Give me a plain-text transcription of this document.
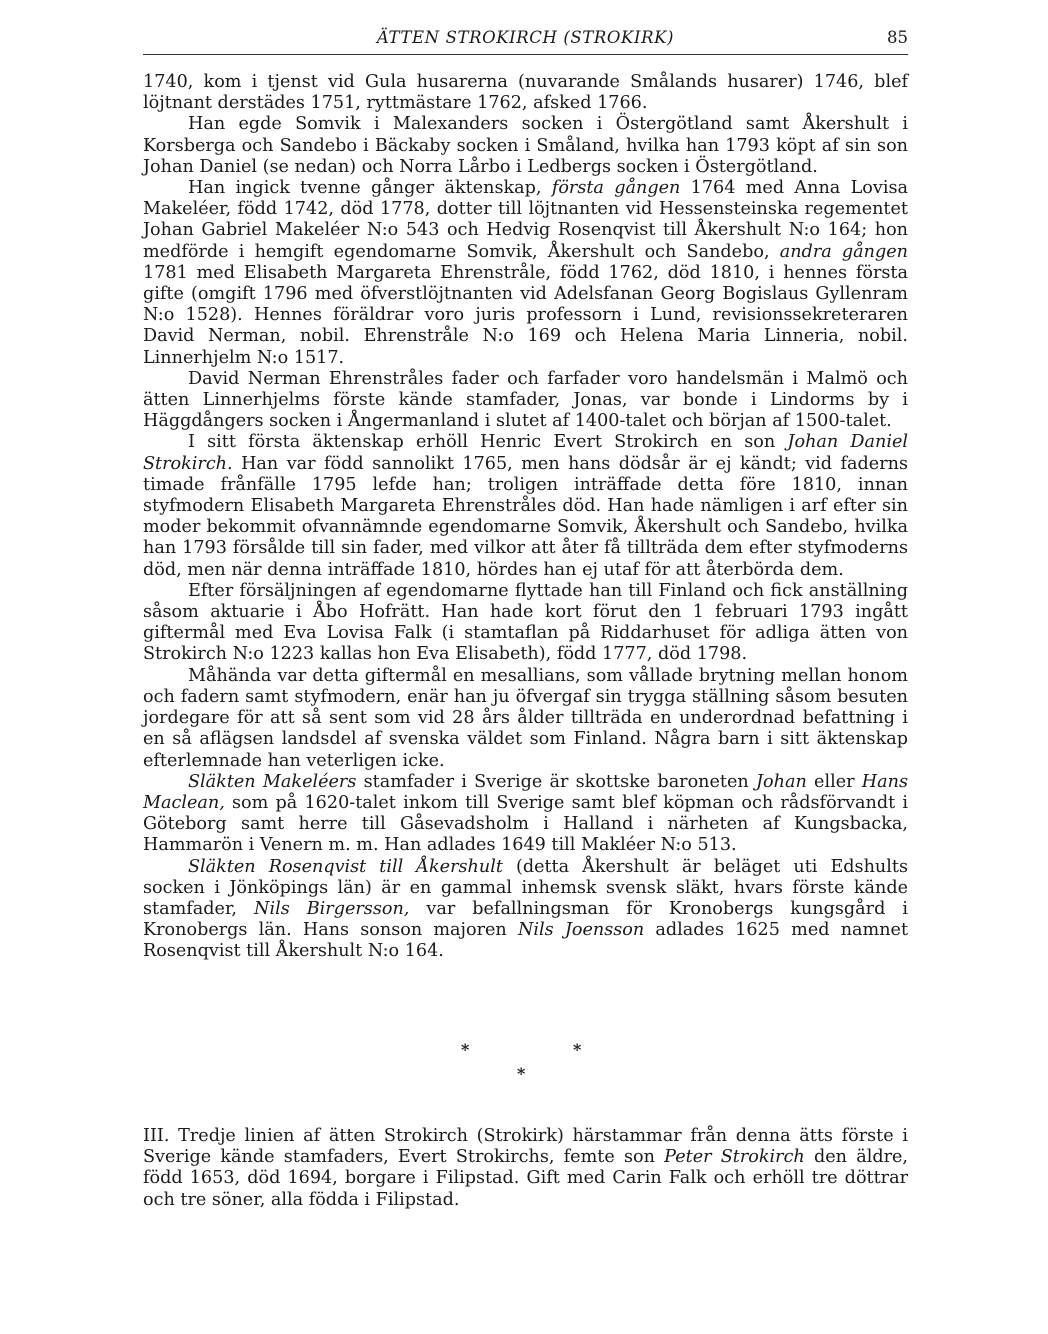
ÄTTEN STROKIRCH (STROKIRK)	85

1740, kom i tjenst vid Gula husarerna (nuvarande Smålands husarer) 1746, blef löjtnant derstädes 1751, ryttmästare 1762, afsked 1766.

Han egde Somvik i Malexanders socken i Östergötland samt Åkershult i Korsberga och Sandebo i Bäckaby socken i Småland, hvilka han 1793 köpt af sin son Johan Daniel (se nedan) och Norra Lårbo i Ledbergs socken i Östergötland.

Han ingick tvenne gånger äktenskap, första gången 1764 med Anna Lovisa Makeléer, född 1742, död 1778, dotter till löjtnanten vid Hessensteinska regementet Johan Gabriel Makeléer N:o 543 och Hedvig Rosenqvist till Åkershult N:o 164; hon medförde i hemgift egendomarne Somvik, Åkershult och Sandebo, andra gången 1781 med Elisabeth Margareta Ehrenstråle, född 1762, död 1810, i hennes första gifte (omgift 1796 med öfverstlöjtnanten vid Adelsfanan Georg Bogislaus Gyllenram N:o 1528). Hennes föräldrar voro juris professorn i Lund, revisionssekreteraren David Nerman, nobil. Ehrenstråle N:o 169 och Helena Maria Linneria, nobil. Linnerhjelm N:o 1517.

David Nerman Ehrenstråles fader och farfader voro handelsmän i Malmö och ätten Linnerhjelms förste kände stamfader, Jonas, var bonde i Lindorms by i Häggdångers socken i Ångermanland i slutet af 1400-talet och början af 1500-talet.

I sitt första äktenskap erhöll Henric Evert Strokirch en son Johan Daniel Strokirch. Han var född sannolikt 1765, men hans dödsår är ej kändt; vid faderns timade frånfälle 1795 lefde han; troligen inträffade detta före 1810, innan styfmodern Elisabeth Margareta Ehrenstråles död. Han hade nämligen i arf efter sin moder bekommit ofvannämnde egendomarne Somvik, Åkershult och Sandebo, hvilka han 1793 försålde till sin fader, med vilkor att åter få tillträda dem efter styfmoderns död, men när denna inträffade 1810, hördes han ej utaf för att återbörda dem.

Efter försäljningen af egendomarne flyttade han till Finland och fick anställning såsom aktuarie i Åbo Hofrätt. Han hade kort förut den 1 februari 1793 ingått giftermål med Eva Lovisa Falk (i stamtaflan på Riddarhuset för adliga ätten von Strokirch N:o 1223 kallas hon Eva Elisabeth), född 1777, död 1798.

Måhända var detta giftermål en mesallians, som vållade brytning mellan honom och fadern samt styfmodern, enär han ju öfvergaf sin trygga ställning såsom besuten jordegare för att så sent som vid 28 års ålder tillträda en underordnad befattning i en så aflägsen landsdel af svenska väldet som Finland. Några barn i sitt äktenskap efterlemnade han veterligen icke.

Släkten Makeléers stamfader i Sverige är skottske baroneten Johan eller Hans Maclean, som på 1620-talet inkom till Sverige samt blef köpman och rådsförvandt i Göteborg samt herre till Gåsevadsholm i Halland i närheten af Kungsbacka, Hammarön i Venern m. m. Han adlades 1649 till Makléer N:o 513.

Släkten Rosenqvist till Åkershult (detta Åkershult är beläget uti Edshults socken i Jönköpings län) är en gammal inhemsk svensk släkt, hvars förste kände stamfader, Nils Birgersson, var befallningsman för Kronobergs kungsgård i Kronobergs län. Hans sonson majoren Nils Joensson adlades 1625 med namnet Rosenqvist till Åkershult N:o 164.

*	*
*

III. Tredje linien af ätten Strokirch (Strokirk) härstammar från denna ätts förste i Sverige kände stamfaders, Evert Strokirchs, femte son Peter Strokirch den äldre, född 1653, död 1694, borgare i Filipstad. Gift med Carin Falk och erhöll tre döttrar och tre söner, alla födda i Filipstad.
